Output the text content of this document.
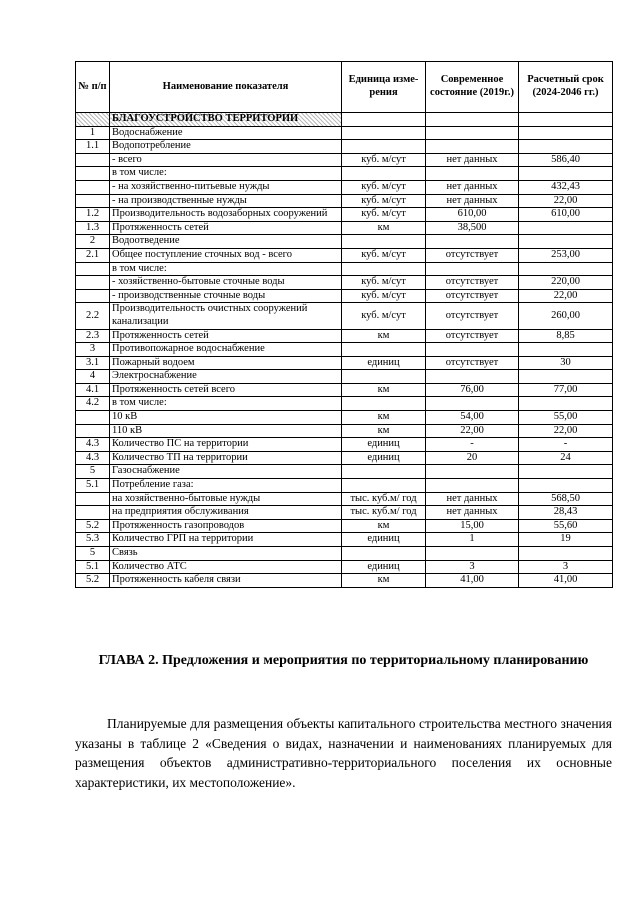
№ п/п	Наименование показателя	Единица изме-рения	Современное состояние (2019г.)	Расчетный срок (2024-2046 гг.)
	БЛАГОУСТРОЙСТВО ТЕРРИТОРИИ			
1	Водоснабжение			
1.1	Водопотребление			
	- всего	куб. м/сут	нет данных	586,40
	в том числе:			
	- на хозяйственно-питьевые нужды	куб. м/сут	нет данных	432,43
	- на производственные нужды	куб. м/сут	нет данных	22,00
1.2	Производительность водозаборных сооружений	куб. м/сут	610,00	610,00
1.3	Протяженность сетей	км	38,500	
2	Водоотведение			
2.1	Общее поступление сточных вод - всего	куб. м/сут	отсутствует	253,00
	в том числе:			
	- хозяйственно-бытовые сточные воды	куб. м/сут	отсутствует	220,00
	- производственные сточные воды	куб. м/сут	отсутствует	22,00
2.2	Производительность очистных сооружений канализации	куб. м/сут	отсутствует	260,00
2.3	Протяженность сетей	км	отсутствует	8,85
3	Противопожарное водоснабжение			
3.1	Пожарный водоем	единиц	отсутствует	30
4	Электроснабжение			
4.1	Протяженность сетей всего	км	76,00	77,00
4.2	в том числе:			
	10 кВ	км	54,00	55,00
	110 кВ	км	22,00	22,00
4.3	Количество ПС на территории	единиц	-	-
4.3	Количество ТП на территории	единиц	20	24
5	Газоснабжение			
5.1	Потребление газа:			
	на хозяйственно-бытовые нужды	тыс. куб.м/ год	нет данных	568,50
	на предприятия обслуживания	тыс. куб.м/ год	нет данных	28,43
5.2	Протяженность газопроводов	км	15,00	55,60
5.3	Количество ГРП на территории	единиц	1	19
5	Связь			
5.1	Количество АТС	единиц	3	3
5.2	Протяженность кабеля связи	км	41,00	41,00
ГЛАВА 2. Предложения и мероприятия по территориальному планированию
Планируемые для размещения объекты капитального строительства местного значения указаны в таблице 2 «Сведения о видах, назначении и наименованиях планируемых для размещения объектов административно-территориального поселения их основные характеристики, их местоположение».
